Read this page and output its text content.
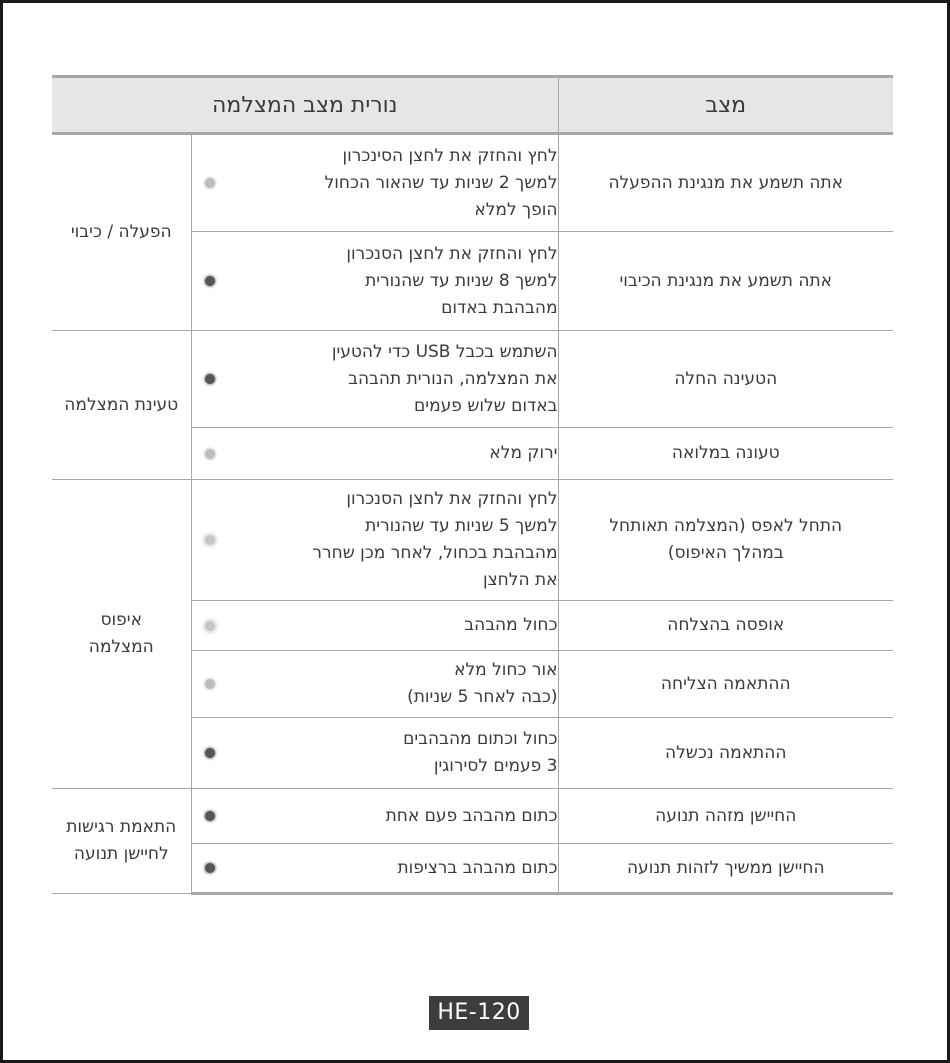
מצב	נורית מצב המצלמה	
אתה תשמע את מנגינת ההפעלה	לחץ והחזק את לחצן הסינכרון
למשך 2 שניות עד שהאור הכחול
הופך למלא	הפעלה / כיבוי
אתה תשמע את מנגינת הכיבוי	לחץ והחזק את לחצן הסנכרון
למשך 8 שניות עד שהנורית
מהבהבת באדום	

הטעינה החלה	השתמש בכבל USB כדי להטעין
את המצלמה, הנורית תהבהב
באדום שלוש פעמים	טעינת המצלמה
טעונה במלואה	ירוק מלא	

התחל לאפס (המצלמה תאותחל
במהלך האיפוס)	לחץ והחזק את לחצן הסנכרון
למשך 5 שניות עד שהנורית
מהבהבת בכחול, לאחר מכן שחרר
את הלחצן	איפוס
המצלמה
אופסה בהצלחה	כחול מהבהב	

ההתאמה הצליחה	אור כחול מלא
(כבה לאחר 5 שניות)	

ההתאמה נכשלה	כחול וכתום מהבהבים
3 פעמים לסירוגין	

החיישן מזהה תנועה	כתום מהבהב פעם אחת	התאמת רגישות
לחיישן תנועה
החיישן ממשיך לזהות תנועה	כתום מהבהב ברציפות	
HE-120
